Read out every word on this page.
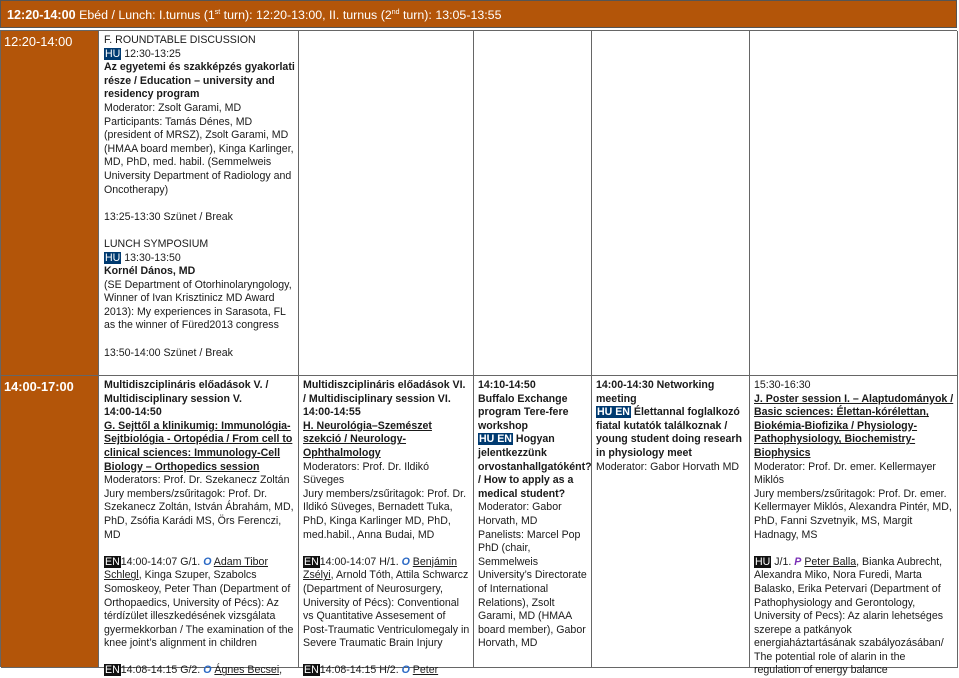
12:20-14:00 Ebéd / Lunch: I.turnus (1st turn): 12:20-13:00, II. turnus (2nd turn): 13:05-13:55
12:20-14:00	F. ROUNDTABLE DISCUSSION

HU 12:30-13:25

Az egyetemi és szakképzés gyakorlati része / Education – university and residency program

Moderator: Zsolt Garami, MD

Participants: Tamás Dénes, MD (president of MRSZ), Zsolt Garami, MD (HMAA board member), Kinga Karlinger, MD, PhD, med. habil. (Semmelweis University Department of Radiology and Oncotherapy)

13:25-13:30 Szünet / Break

LUNCH SYMPOSIUM

HU 13:30-13:50

Kornél Dános, MD

(SE Department of Otorhinolaryngology, Winner of Ivan Krisztinicz MD Award 2013): My experiences in Sarasota, FL as the winner of Füred2013 congress

13:50-14:00 Szünet / Break

14:00-17:00	Multidiszciplináris előadások V. / Multidisciplinary session V.

14:00-14:50

G. Sejttől a klinikumig: Immunológia-Sejtbiológia - Ortopédia / From cell to clinical sciences: Immunology-Cell Biology – Orthopedics session

Moderators: Prof. Dr. Szekanecz Zoltán

Jury members/zsűritagok: Prof. Dr. Szekanecz Zoltán, István Ábrahám, MD, PhD, Zsófia Karádi MS, Örs Ferenczi, MD

EN14:00-14:07 G/1. O Adam Tibor Schlegl, Kinga Szuper, Szabolcs Somoskeoy, Peter Than (Department of Orthopaedics, University of Pécs): Az térdízület illeszkedésének vizsgálata gyermekkorban / The examination of the knee joint’s alignment in children

EN14:08-14:15 G/2. O Ágnes Becsei,

Multidiszciplináris előadások VI. / Multidisciplinary session VI.

14:00-14:55

H. Neurológia–Szemészet szekció / Neurology-Ophthalmology

Moderators: Prof. Dr. Ildikó Süveges

Jury members/zsűritagok: Prof. Dr. Ildikó Süveges, Bernadett Tuka, PhD, Kinga Karlinger MD, PhD, med.habil., Anna Budai, MD

EN14:00-14:07 H/1. O Benjámin Zsélyi, Arnold Tóth, Attila Schwarcz (Department of Neurosurgery, University of Pécs): Conventional vs Quantitative Assesement of Post-Traumatic Ventriculomegaly in Severe Traumatic Brain Injury

EN14:08-14:15 H/2. O Peter

14:10-14:50

Buffalo Exchange program Tere-fere workshop

HU EN Hogyan jelentkezzünk orvostanhallgatóként? / How to apply as a medical student?

Moderator: Gabor Horvath, MD

Panelists: Marcel Pop PhD (chair, Semmelweis University’s Directorate of International Relations), Zsolt Garami, MD (HMAA board member), Gabor Horvath, MD

14:00-14:30 Networking meeting

HU EN Élettannal foglalkozó fiatal kutatók találkoznak / young student doing researh in physiology meet

Moderator: Gabor Horvath MD

15:30-16:30

J. Poster session I. – Alaptudományok / Basic sciences: Élettan-kórélettan, Biokémia-Biofizika / Physiology-Pathophysiology, Biochemistry-Biophysics

Moderator: Prof. Dr. emer. Kellermayer Miklós

Jury members/zsűritagok: Prof. Dr. emer. Kellermayer Miklós, Alexandra Pintér, MD, PhD, Fanni Szvetnyik, MS, Margit Hadnagy, MS

HU J/1. P Peter Balla, Bianka Aubrecht, Alexandra Miko, Nora Furedi, Marta Balasko, Erika Petervari (Department of Pathophysiology and Gerontology, University of Pecs): Az alarin lehetséges szerepe a patkányok energiaháztartásának szabályozásában/ The potential role of alarin in the regulation of energy balance
